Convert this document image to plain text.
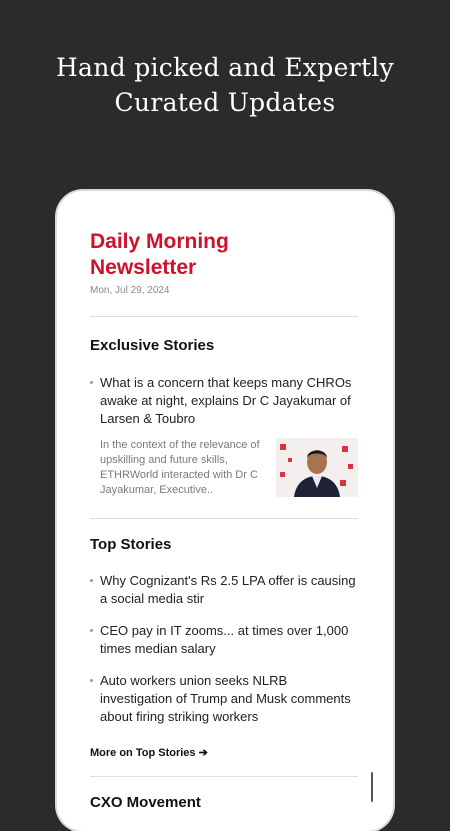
Hand picked and Expertly
Curated Updates
Daily Morning
Newsletter
Mon, Jul 29, 2024
Exclusive Stories
What is a concern that keeps many CHROs awake at night, explains Dr C Jayakumar of Larsen & Toubro
In the context of the relevance of upskilling and future skills, ETHRWorld interacted with Dr C Jayakumar, Executive..
Top Stories
Why Cognizant's Rs 2.5 LPA offer is causing a social media stir
CEO pay in IT zooms... at times over 1,000 times median salary
Auto workers union seeks NLRB investigation of Trump and Musk comments about firing striking workers
More on Top Stories ➔
CXO Movement
